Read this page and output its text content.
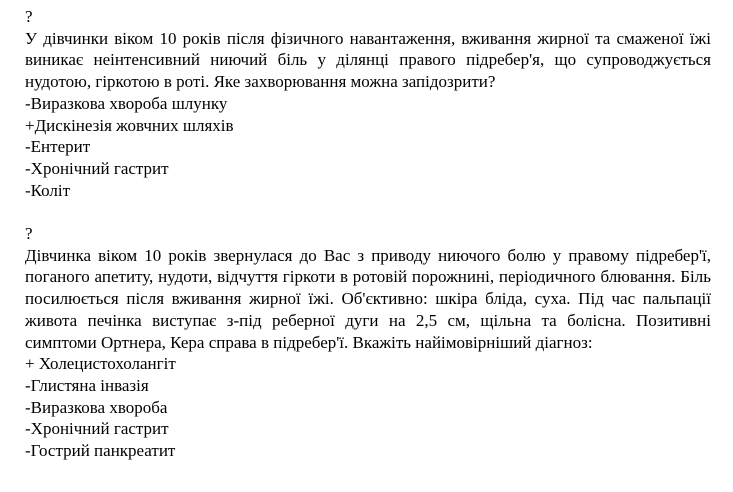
?
У дівчинки віком 10 років після фізичного навантаження, вживання жирної та смаженої їжі виникає неінтенсивний ниючий біль у ділянці правого підребер'я, що супроводжується нудотою, гіркотою в роті. Яке захворювання можна запідозрити?
-Виразкова хвороба шлунку
+Дискінезія жовчних шляхів
-Ентерит
-Хронічний гастрит
-Коліт
?
Дівчинка віком 10 років звернулася до Вас з приводу ниючого болю у правому підребер'ї, поганого апетиту, нудоти, відчуття гіркоти в ротовій порожнині, періодичного блювання. Біль посилюється після вживання жирної їжі. Об'єктивно: шкіра бліда, суха. Під час пальпації живота печінка виступає з-під реберної дуги на 2,5 см, щільна та болісна. Позитивні симптоми Ортнера, Кера справа в підребер'ї. Вкажіть найімовірніший діагноз:
+ Холецистохолангіт
-Глистяна інвазія
-Виразкова хвороба
-Хронічний гастрит
-Гострий панкреатит
